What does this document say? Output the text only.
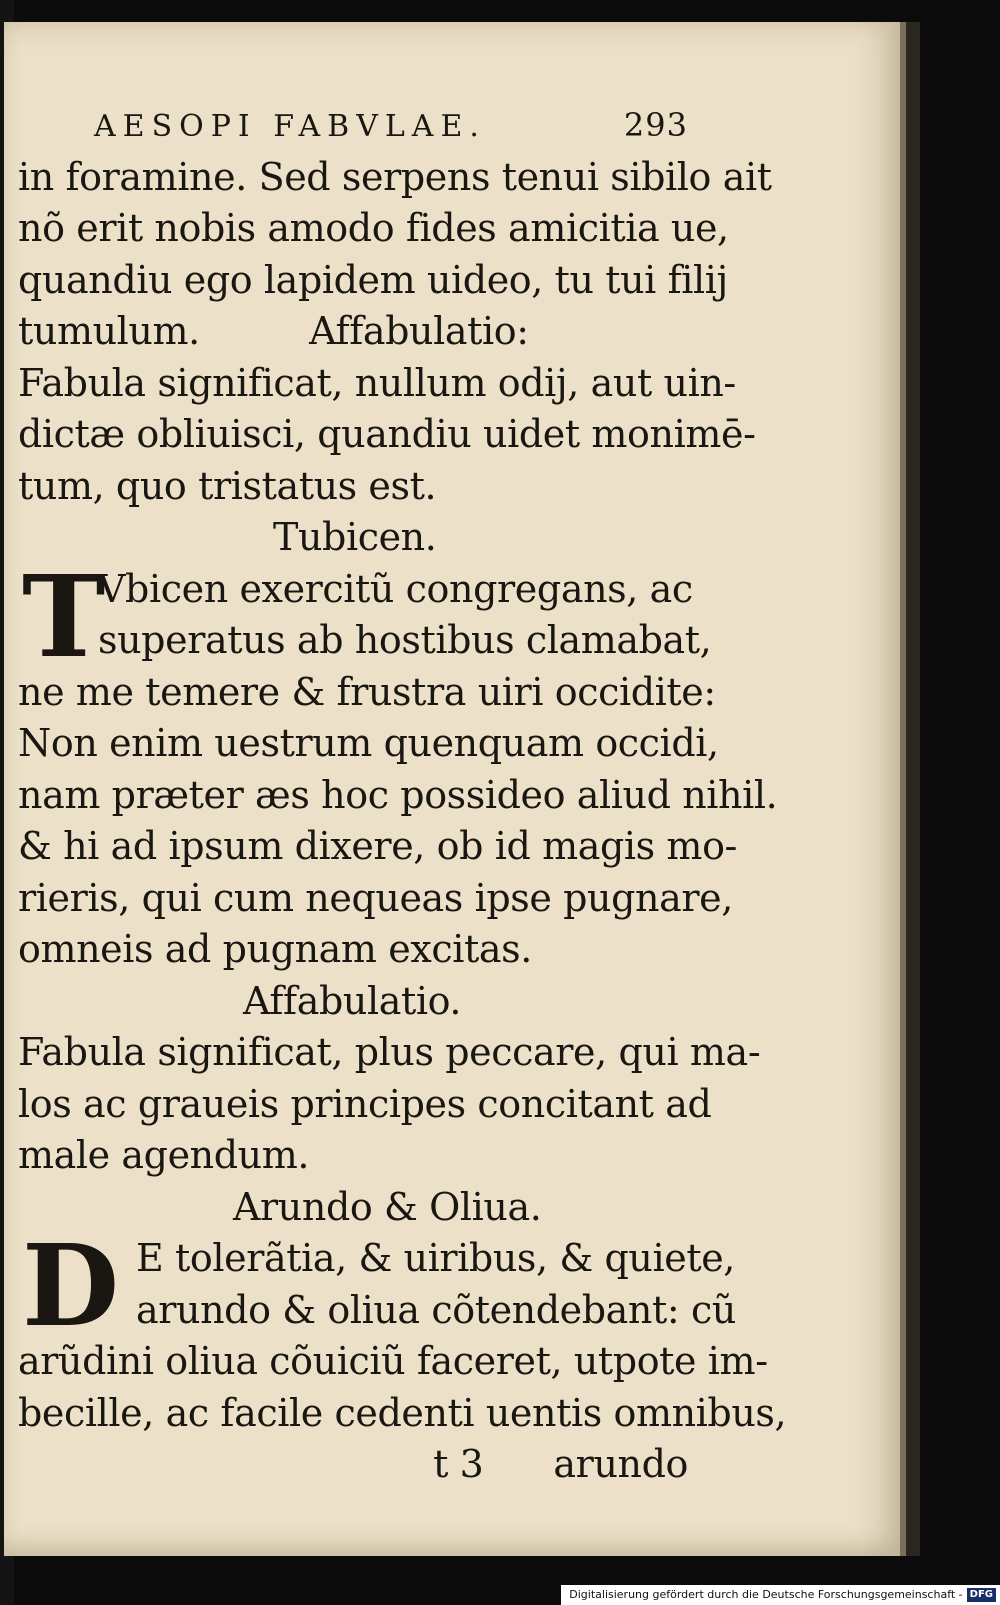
AESOPI FABVLAE.	293
in foramine. Sed serpens tenui sibilo ait
nõ erit nobis amodo fides amicitia ue,
quandiu ego lapidem uideo, tu tui filij
tumulum.	Affabulatio:
Fabula significat, nullum odij, aut uin-
dictæ obliuisci, quandiu uidet monimē-
tum, quo tristatus est.
Tubicen.
T
Vbicen exercitũ congregans, ac
superatus ab hostibus clamabat,
ne me temere & frustra uiri occidite:
Non enim uestrum quenquam occidi,
nam præter æs hoc possideo aliud nihil.
& hi ad ipsum dixere, ob id magis mo-
rieris, qui cum nequeas ipse pugnare,
omneis ad pugnam excitas.
Affabulatio.
Fabula significat, plus peccare, qui ma-
los ac graueis principes concitant ad
male agendum.
Arundo & Oliua.
D E tolerãtia, & uiribus, & quiete,
arundo & oliua cõtendebant: cũ
arũdini oliua cõuiciũ faceret, utpote im-
becille, ac facile cedenti uentis omnibus,
t 3 arundo
Digitalisierung gefördert durch die Deutsche Forschungsgemeinschaft - DFG
